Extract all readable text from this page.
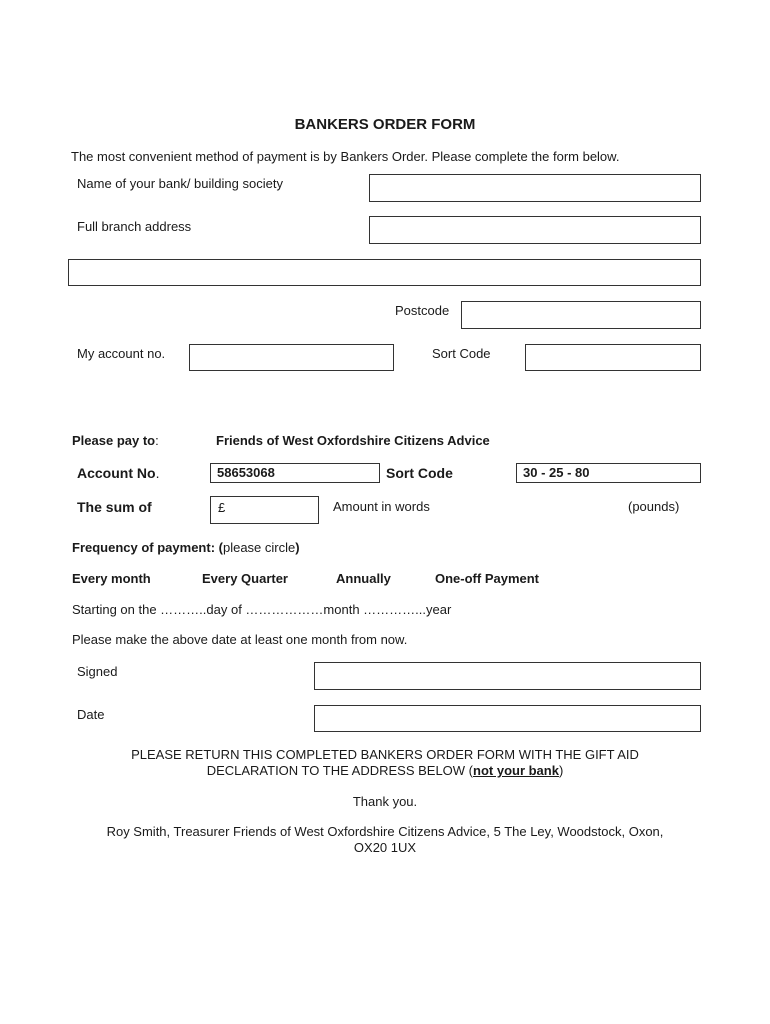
BANKERS ORDER FORM
The most convenient method of payment is by Bankers Order. Please complete the form below.
Name of your bank/ building society
Full branch address
Postcode
My account no.	Sort Code
Please pay to:	Friends of West Oxfordshire Citizens Advice
Account No.	58653068	Sort Code	30 - 25 - 80
The sum of	£	Amount in words	(pounds)
Frequency of payment: (please circle)
Every month	Every Quarter	Annually	One-off Payment
Starting on the ………..day of ………………month …………...year
Please make the above date at least one month from now.
Signed
Date
PLEASE RETURN THIS COMPLETED BANKERS ORDER FORM WITH THE GIFT AID
DECLARATION TO THE ADDRESS BELOW (not your bank)
Thank you.
Roy Smith, Treasurer Friends of West Oxfordshire Citizens Advice, 5 The Ley, Woodstock, Oxon,
OX20 1UX
